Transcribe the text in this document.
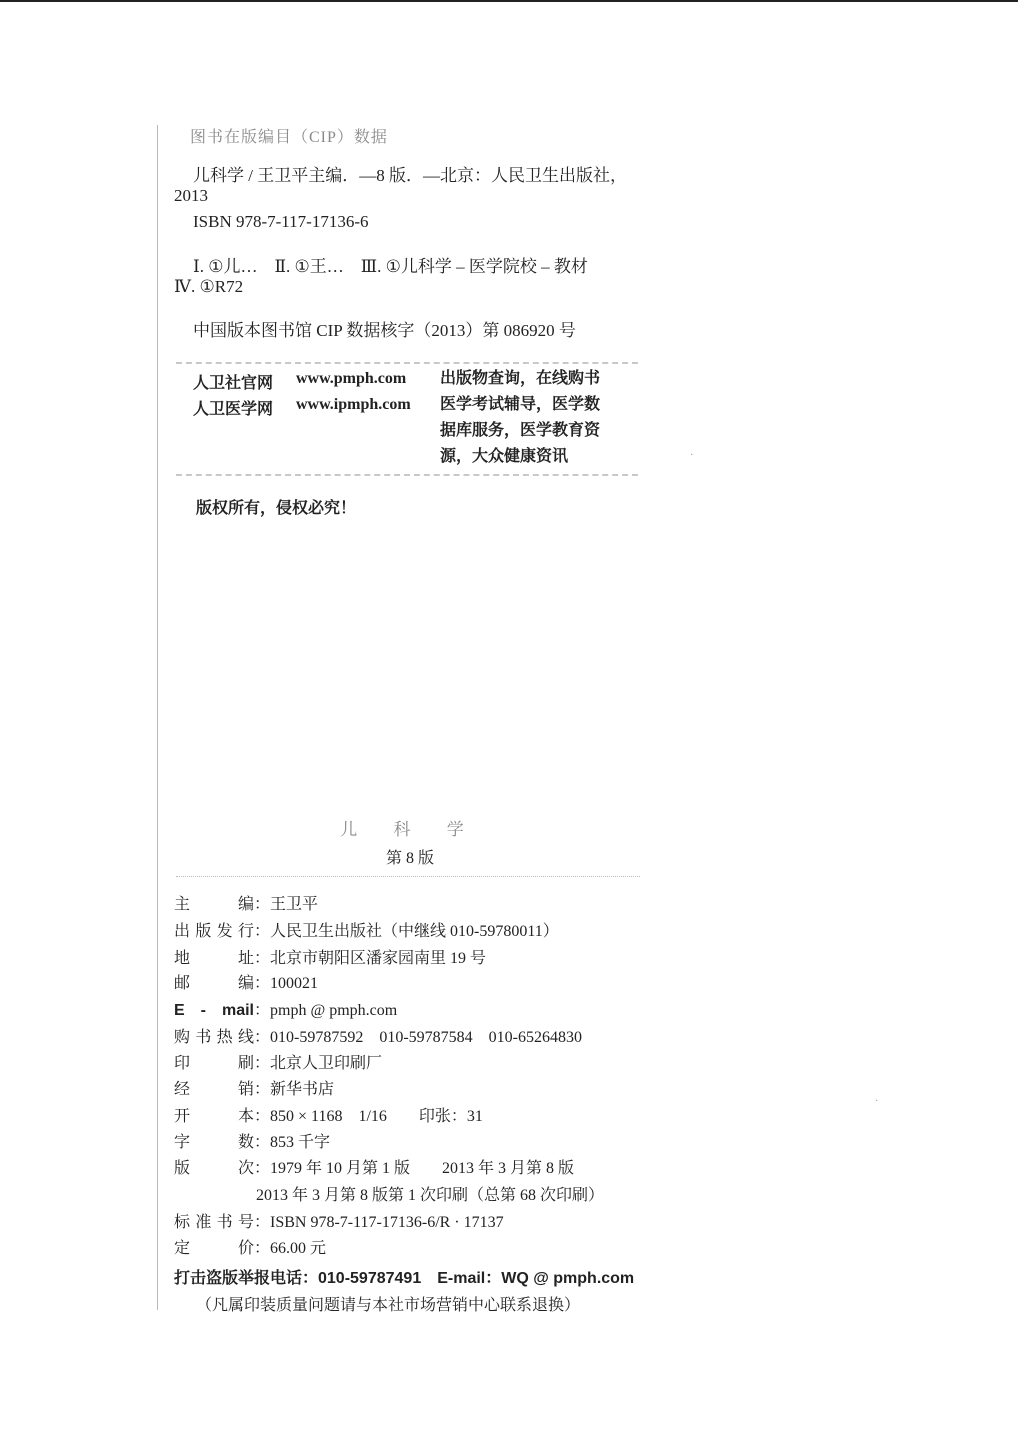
图书在版编目（CIP）数据
儿科学 / 王卫平主编．—8 版．—北京：人民卫生出版社，
2013
ISBN 978-7-117-17136-6
Ⅰ. ①儿…　Ⅱ. ①王…　Ⅲ. ①儿科学 – 医学院校 – 教材
Ⅳ. ①R72
中国版本图书馆 CIP 数据核字（2013）第 086920 号
人卫社官网 www.pmph.com
人卫医学网 www.ipmph.com
出版物查询，在线购书
医学考试辅导，医学数
据库服务，医学教育资
源，大众健康资讯
版权所有，侵权必究！
儿 科 学
第 8 版
主 编：王卫平
出版发行：人民卫生出版社（中继线 010-59780011）
地 址：北京市朝阳区潘家园南里 19 号
邮 编：100021
E - mail：pmph @ pmph.com
购书热线：010-59787592　010-59787584　010-65264830
印 刷：北京人卫印刷厂
经 销：新华书店
开 本：850 × 1168　1/16　　印张：31
字 数：853 千字
版 次：1979 年 10 月第 1 版　　2013 年 3 月第 8 版
2013 年 3 月第 8 版第 1 次印刷（总第 68 次印刷）
标准书号：ISBN 978-7-117-17136-6/R · 17137
定 价：66.00 元
打击盗版举报电话：010-59787491　E-mail：WQ @ pmph.com
（凡属印装质量问题请与本社市场营销中心联系退换）
·
·
